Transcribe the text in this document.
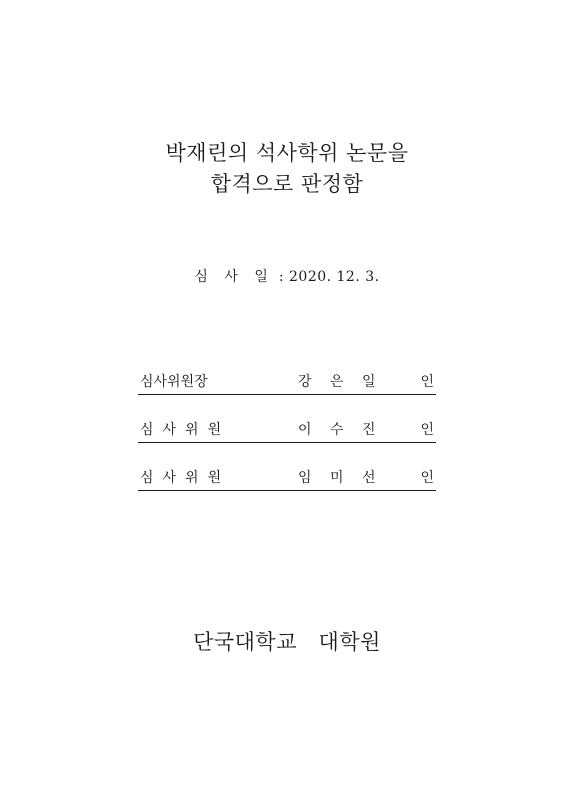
박재린의 석사학위 논문을
합격으로 판정함
심 사 일 : 2020. 12. 3.
심사위원장	강 은 일	인
심사위원	이 수 진	인
심사위원	임 미 선	인
단국대학교   대학원
